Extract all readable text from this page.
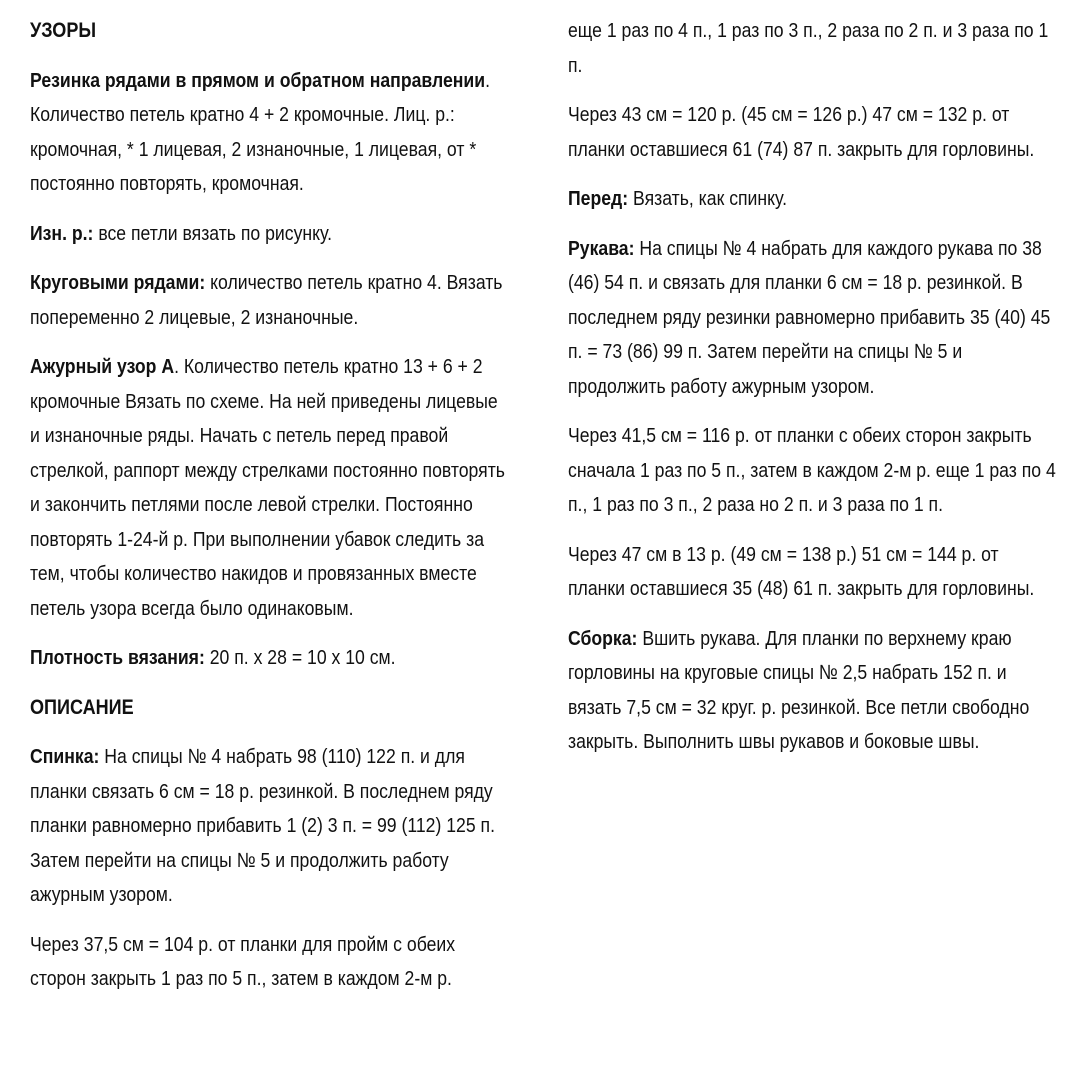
УЗОРЫ

Резинка рядами в прямом и обратном направлении. Количество петель кратно 4 + 2 кромочные. Лиц. р.: кромочная, * 1 лицевая, 2 изнаночные, 1 лицевая, от * постоянно повторять, кромочная.

Изн. р.: все петли вязать по рисунку.

Круговыми рядами: количество петель кратно 4. Вязать попеременно 2 лицевые, 2 изнаночные.

Ажурный узор А. Количество петель кратно 13 + 6 + 2 кромочные Вязать по схеме. На ней приведены лицевые и изнаночные ряды. Начать с петель перед правой стрелкой, раппорт между стрелками постоянно повторять и закончить петлями после левой стрелки. Постоянно повторять 1-24-й р. При выполнении убавок следить за тем, чтобы количество накидов и провязанных вместе петель узора всегда было одинаковым.

Плотность вязания: 20 п. х 28 = 10 х 10 см.

ОПИСАНИЕ

Спинка: На спицы № 4 набрать 98 (110) 122 п. и для планки связать 6 см = 18 р. резинкой. В последнем ряду планки равномерно прибавить 1 (2) 3 п. = 99 (112) 125 п. Затем перейти на спицы № 5 и продолжить работу ажурным узором.

Через 37,5 см = 104 р. от планки для пройм с обеих сторон закрыть 1 раз по 5 п., затем в каждом 2-м р.

еще 1 раз по 4 п., 1 раз по 3 п., 2 раза по 2 п. и 3 раза по 1 п.

Через 43 см = 120 р. (45 см = 126 р.) 47 см = 132 р. от планки оставшиеся 61 (74) 87 п. закрыть для горловины.

Перед: Вязать, как спинку.

Рукава: На спицы № 4 набрать для каждого рукава по 38 (46) 54 п. и связать для планки 6 см = 18 р. резинкой. В последнем ряду резинки равномерно прибавить 35 (40) 45 п. = 73 (86) 99 п. Затем перейти на спицы № 5 и продолжить работу ажурным узором.

Через 41,5 см = 116 р. от планки с обеих сторон закрыть сначала 1 раз по 5 п., затем в каждом 2-м р. еще 1 раз по 4 п., 1 раз по 3 п., 2 раза но 2 п. и 3 раза по 1 п.

Через 47 см в 13 р. (49 см = 138 р.) 51 см = 144 р. от планки оставшиеся 35 (48) 61 п. закрыть для горловины.

Сборка: Вшить рукава. Для планки по верхнему краю горловины на круговые спицы № 2,5 набрать 152 п. и вязать 7,5 см = 32 круг. р. резинкой. Все петли свободно закрыть. Выполнить швы рукавов и боковые швы.
